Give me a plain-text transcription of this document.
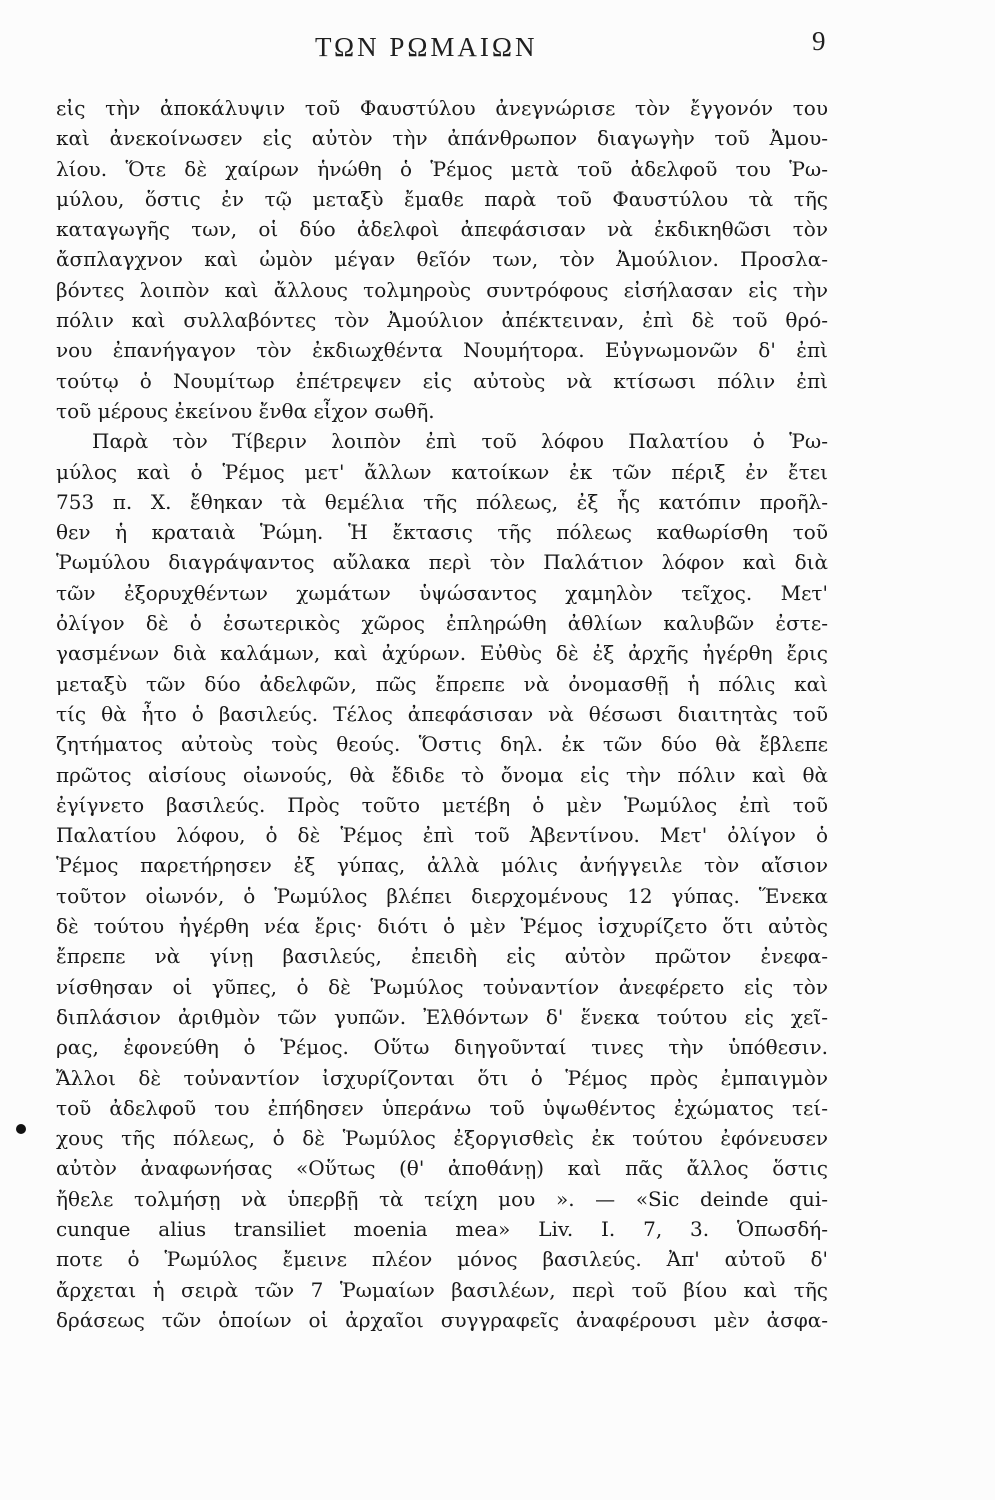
ΤΩΝ ΡΩΜΑΙΩΝ	9
εἰς τὴν ἀποκάλυψιν τοῦ Φαυστύλου ἀνεγνώρισε τὸν ἔγγονόν του
καὶ ἀνεκοίνωσεν εἰς αὐτὸν τὴν ἀπάνθρωπον διαγωγὴν τοῦ Ἀμου-
λίου. Ὅτε δὲ χαίρων ἡνώθη ὁ Ῥέμος μετὰ τοῦ ἀδελφοῦ του Ῥω-
μύλου, ὅστις ἐν τῷ μεταξὺ ἔμαθε παρὰ τοῦ Φαυστύλου τὰ τῆς
καταγωγῆς των, οἱ δύο ἀδελφοὶ ἀπεφάσισαν νὰ ἐκδικηθῶσι τὸν
ἄσπλαγχνον καὶ ὠμὸν μέγαν θεῖόν των, τὸν Ἀμούλιον. Προσλα-
βόντες λοιπὸν καὶ ἄλλους τολμηροὺς συντρόφους εἰσήλασαν εἰς τὴν
πόλιν καὶ συλλαβόντες τὸν Ἀμούλιον ἀπέκτειναν, ἐπὶ δὲ τοῦ θρό-
νου ἐπανήγαγον τὸν ἐκδιωχθέντα Νουμήτορα. Εὐγνωμονῶν δ' ἐπὶ
τούτῳ ὁ Νουμίτωρ ἐπέτρεψεν εἰς αὐτοὺς νὰ κτίσωσι πόλιν ἐπὶ
τοῦ μέρους ἐκείνου ἔνθα εἶχον σωθῆ.
Παρὰ τὸν Τίβεριν λοιπὸν ἐπὶ τοῦ λόφου Παλατίου ὁ Ῥω-
μύλος καὶ ὁ Ῥέμος μετ' ἄλλων κατοίκων ἐκ τῶν πέριξ ἐν ἔτει
753 π. Χ. ἔθηκαν τὰ θεμέλια τῆς πόλεως, ἐξ ἧς κατόπιν προῆλ-
θεν ἡ κραταιὰ Ῥώμη. Ἡ ἔκτασις τῆς πόλεως καθωρίσθη τοῦ
Ῥωμύλου διαγράψαντος αὔλακα περὶ τὸν Παλάτιον λόφον καὶ διὰ
τῶν ἐξορυχθέντων χωμάτων ὑψώσαντος χαμηλὸν τεῖχος. Μετ'
ὀλίγον δὲ ὁ ἐσωτερικὸς χῶρος ἐπληρώθη ἀθλίων καλυβῶν ἐστε-
γασμένων διὰ καλάμων, καὶ ἀχύρων. Εὐθὺς δὲ ἐξ ἀρχῆς ἠγέρθη ἔρις
μεταξὺ τῶν δύο ἀδελφῶν, πῶς ἔπρεπε νὰ ὀνομασθῇ ἡ πόλις καὶ
τίς θὰ ἦτο ὁ βασιλεύς. Τέλος ἀπεφάσισαν νὰ θέσωσι διαιτητὰς τοῦ
ζητήματος αὐτοὺς τοὺς θεούς. Ὅστις δηλ. ἐκ τῶν δύο θὰ ἔβλεπε
πρῶτος αἰσίους οἰωνούς, θὰ ἔδιδε τὸ ὄνομα εἰς τὴν πόλιν καὶ θὰ
ἐγίγνετο βασιλεύς. Πρὸς τοῦτο μετέβη ὁ μὲν Ῥωμύλος ἐπὶ τοῦ
Παλατίου λόφου, ὁ δὲ Ῥέμος ἐπὶ τοῦ Ἀβεντίνου. Μετ' ὀλίγον ὁ
Ῥέμος παρετήρησεν ἐξ γύπας, ἀλλὰ μόλις ἀνήγγειλε τὸν αἴσιον
τοῦτον οἰωνόν, ὁ Ῥωμύλος βλέπει διερχομένους 12 γύπας. Ἕνεκα
δὲ τούτου ἠγέρθη νέα ἔρις· διότι ὁ μὲν Ῥέμος ἰσχυρίζετο ὅτι αὐτὸς
ἔπρεπε νὰ γίνῃ βασιλεύς, ἐπειδὴ εἰς αὐτὸν πρῶτον ἐνεφα-
νίσθησαν οἱ γῦπες, ὁ δὲ Ῥωμύλος τοὐναντίον ἀνεφέρετο εἰς τὸν
διπλάσιον ἀριθμὸν τῶν γυπῶν. Ἐλθόντων δ' ἕνεκα τούτου εἰς χεῖ-
ρας, ἐφονεύθη ὁ Ῥέμος. Οὕτω διηγοῦνταί τινες τὴν ὑπόθεσιν.
Ἄλλοι δὲ τοὐναντίον ἰσχυρίζονται ὅτι ὁ Ῥέμος πρὸς ἐμπαιγμὸν
τοῦ ἀδελφοῦ του ἐπήδησεν ὑπεράνω τοῦ ὑψωθέντος ἐχώματος τεί-
χους τῆς πόλεως, ὁ δὲ Ῥωμύλος ἐξοργισθεὶς ἐκ τούτου ἐφόνευσεν
αὐτὸν ἀναφωνήσας «Οὕτως (θ' ἀποθάνῃ) καὶ πᾶς ἄλλος ὅστις
ἤθελε τολμήσῃ νὰ ὑπερβῇ τὰ τείχη μου ». — «Sic deinde qui-
cunque alius transiliet moenia mea» Liv. I. 7, 3. Ὁπωσδή-
ποτε ὁ Ῥωμύλος ἔμεινε πλέον μόνος βασιλεύς. Ἀπ' αὐτοῦ δ'
ἄρχεται ἡ σειρὰ τῶν 7 Ῥωμαίων βασιλέων, περὶ τοῦ βίου καὶ τῆς
δράσεως τῶν ὁποίων οἱ ἀρχαῖοι συγγραφεῖς ἀναφέρουσι μὲν ἀσφα-
